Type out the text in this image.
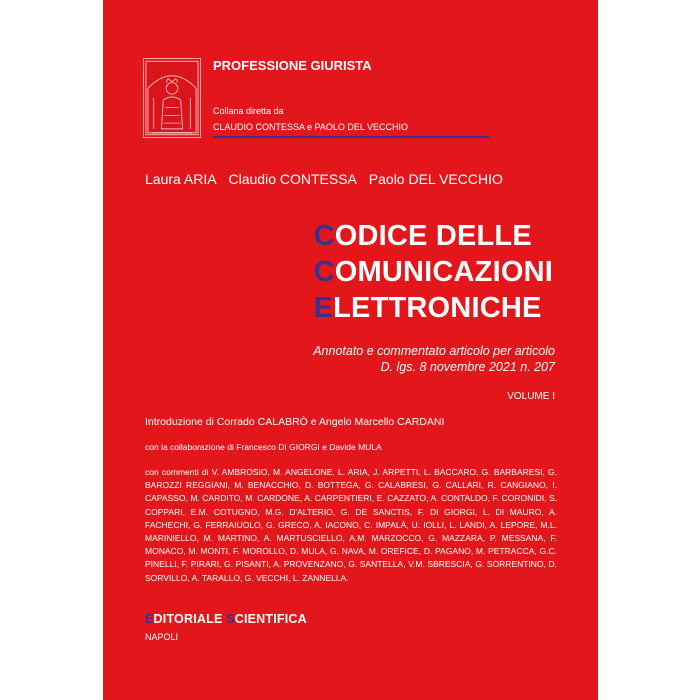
PROFESSIONE GIURISTA
Collana diretta da
CLAUDIO CONTESSA e PAOLO DEL VECCHIO
Laura ARIA Claudio CONTESSA Paolo DEL VECCHIO
CODICE DELLE
COMUNICAZIONI
ELETTRONICHE
Annotato e commentato articolo per articolo
D. lgs. 8 novembre 2021 n. 207
VOLUME I
Introduzione di Corrado CALABRÒ e Angelo Marcello CARDANI
con la collaborazione di Francesco DI GIORGI e Davide MULA
con commenti di V. AMBROSIO, M. ANGELONE, L. ARIA, J. ARPETTI, L. BACCARO, G. BARBARESI, G. BAROZZI REGGIANI, M. BENACCHIO, D. BOTTEGA, G. CALABRESI, G. CALLARI, R. CANGIANO, I. CAPASSO, M. CARDITO, M. CARDONE, A. CARPENTIERI, E. CAZZATO, A. CONTALDO, F. CORONIDI, S. COPPARI, E.M. COTUGNO, M.G. D'ALTERIO, G. DE SANCTIS, F. DI GIORGI, L. DI MAURO, A. FACHECHI, G. FERRAIUOLO, G. GRECO, A. IACONO, C. IMPALÀ, U. IOLLI, L. LANDI, A. LEPORE, M.L. MARINIELLO, M. MARTINO, A. MARTUSCIELLO, A.M. MARZOCCO, G. MAZZARA, P. MESSANA, F. MONACO, M. MONTI, F. MOROLLO, D. MULA, G. NAVA, M. OREFICE, D. PAGANO, M. PETRACCA, G.C. PINELLI, F. PIRARI, G. PISANTI, A. PROVENZANO, G. SANTELLA, V.M. SBRESCIA, G. SORRENTINO, D. SORVILLO, A. TARALLO, G. VECCHI, L. ZANNELLA.
EDITORIALE SCIENTIFICA
NAPOLI
